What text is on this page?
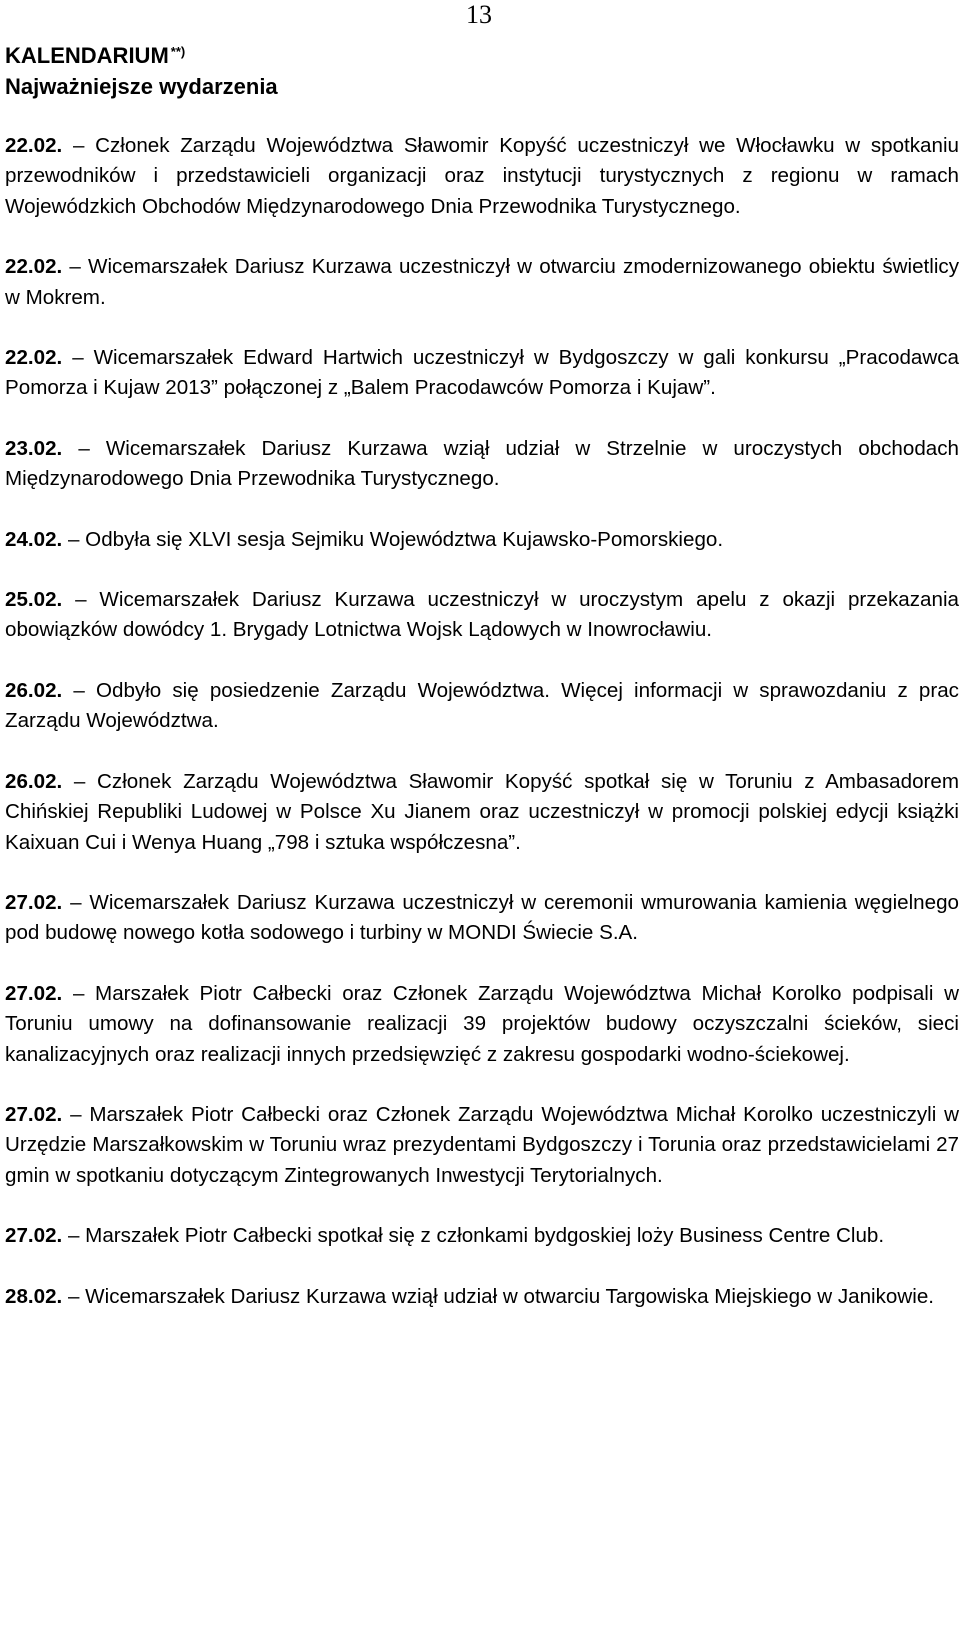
13
KALENDARIUM **)
Najważniejsze wydarzenia

22.02. – Członek Zarządu Województwa Sławomir Kopyść uczestniczył we Włocławku w spotkaniu przewodników i przedstawicieli organizacji oraz instytucji turystycznych z regionu w ramach Wojewódzkich Obchodów Międzynarodowego Dnia Przewodnika Turystycznego.

22.02. – Wicemarszałek Dariusz Kurzawa uczestniczył w otwarciu zmodernizowanego obiektu świetlicy w Mokrem.

22.02. – Wicemarszałek Edward Hartwich uczestniczył w Bydgoszczy w gali konkursu „Pracodawca Pomorza i Kujaw 2013” połączonej z „Balem Pracodawców Pomorza i Kujaw”.

23.02. – Wicemarszałek Dariusz Kurzawa wziął udział w Strzelnie w uroczystych obchodach Międzynarodowego Dnia Przewodnika Turystycznego.

24.02. – Odbyła się XLVI sesja Sejmiku Województwa Kujawsko-Pomorskiego.

25.02. – Wicemarszałek Dariusz Kurzawa uczestniczył w uroczystym apelu z okazji przekazania obowiązków dowódcy 1. Brygady Lotnictwa Wojsk Lądowych w Inowrocławiu.

26.02. – Odbyło się posiedzenie Zarządu Województwa. Więcej informacji w sprawozdaniu z prac Zarządu Województwa.

26.02. – Członek Zarządu Województwa Sławomir Kopyść spotkał się w Toruniu z Ambasadorem Chińskiej Republiki Ludowej w Polsce Xu Jianem oraz uczestniczył w promocji polskiej edycji książki Kaixuan Cui i Wenya Huang „798 i sztuka współczesna”.

27.02. – Wicemarszałek Dariusz Kurzawa uczestniczył w ceremonii wmurowania kamienia węgielnego pod budowę nowego kotła sodowego i turbiny w MONDI Świecie S.A.

27.02. – Marszałek Piotr Całbecki oraz Członek Zarządu Województwa Michał Korolko podpisali w Toruniu umowy na dofinansowanie realizacji 39 projektów budowy oczyszczalni ścieków, sieci kanalizacyjnych oraz realizacji innych przedsięwzięć z zakresu gospodarki wodno-ściekowej.

27.02. – Marszałek Piotr Całbecki oraz Członek Zarządu Województwa Michał Korolko uczestniczyli w Urzędzie Marszałkowskim w Toruniu wraz prezydentami Bydgoszczy i Torunia oraz przedstawicielami 27 gmin w spotkaniu dotyczącym Zintegrowanych Inwestycji Terytorialnych.

27.02. – Marszałek Piotr Całbecki spotkał się z członkami bydgoskiej loży Business Centre Club.

28.02. – Wicemarszałek Dariusz Kurzawa wziął udział w otwarciu Targowiska Miejskiego w Janikowie.
